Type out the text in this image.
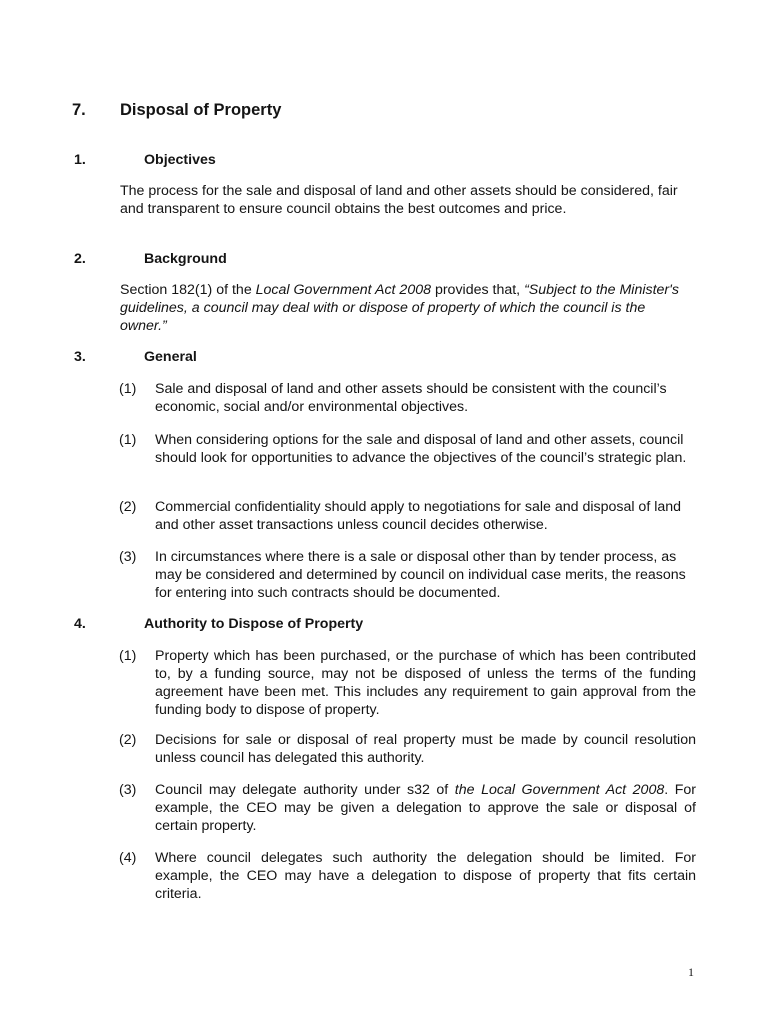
7. Disposal of Property
1.	Objectives
The process for the sale and disposal of land and other assets should be considered, fair and transparent to ensure council obtains the best outcomes and price.
2.	Background
Section 182(1) of the Local Government Act 2008 provides that, “Subject to the Minister's guidelines, a council may deal with or dispose of property of which the council is the owner.”
3.	General
(1) Sale and disposal of land and other assets should be consistent with the council’s economic, social and/or environmental objectives.
(1) When considering options for the sale and disposal of land and other assets, council should look for opportunities to advance the objectives of the council’s strategic plan.
(2) Commercial confidentiality should apply to negotiations for sale and disposal of land and other asset transactions unless council decides otherwise.
(3) In circumstances where there is a sale or disposal other than by tender process, as may be considered and determined by council on individual case merits, the reasons for entering into such contracts should be documented.
4.	Authority to Dispose of Property
(1) Property which has been purchased, or the purchase of which has been contributed to, by a funding source, may not be disposed of unless the terms of the funding agreement have been met. This includes any requirement to gain approval from the funding body to dispose of property.
(2) Decisions for sale or disposal of real property must be made by council resolution unless council has delegated this authority.
(3) Council may delegate authority under s32 of the Local Government Act 2008. For example, the CEO may be given a delegation to approve the sale or disposal of certain property.
(4) Where council delegates such authority the delegation should be limited. For example, the CEO may have a delegation to dispose of property that fits certain criteria.
1
